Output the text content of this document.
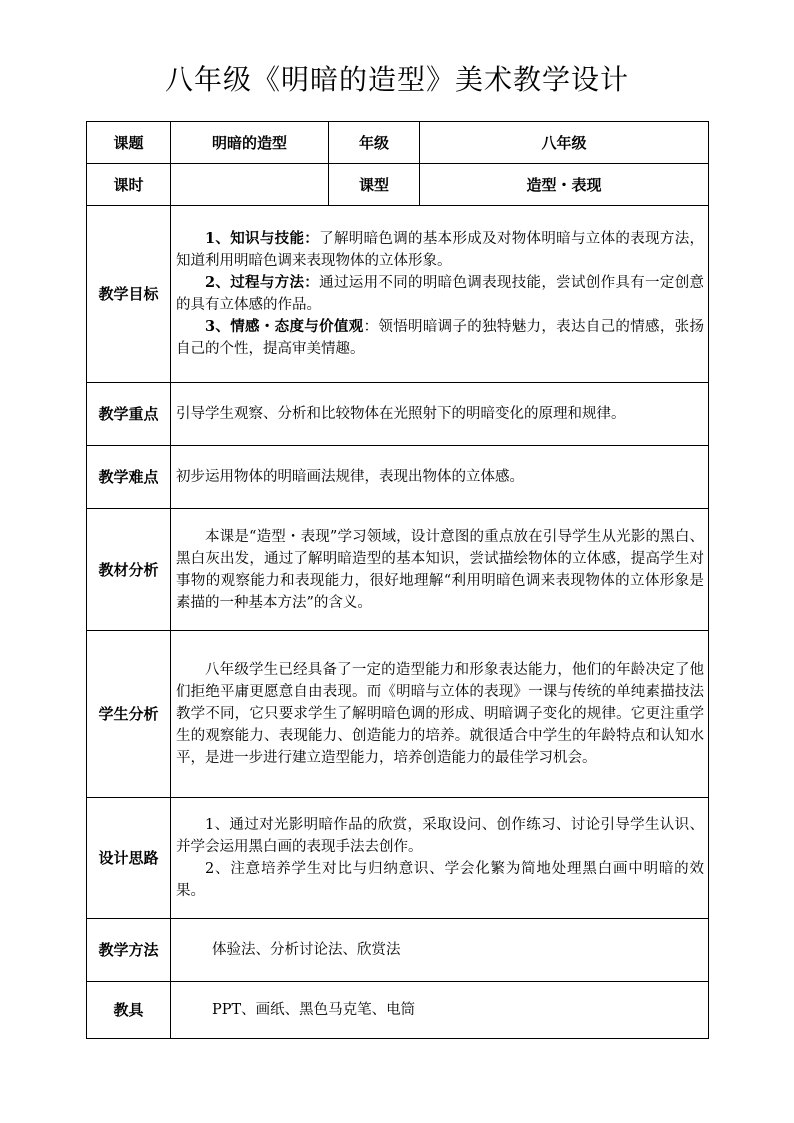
八年级《明暗的造型》美术教学设计
课题	明暗的造型	年级	八年级
课时		课型	造型・表现
教学目标	1、知识与技能：了解明暗色调的基本形成及对物体明暗与立体的表现方法，知道利用明暗色调来表现物体的立体形象。
2、过程与方法：通过运用不同的明暗色调表现技能，尝试创作具有一定创意的具有立体感的作品。
3、情感・态度与价值观：领悟明暗调子的独特魅力，表达自己的情感，张扬自己的个性，提高审美情趣。		

教学重点	引导学生观察、分析和比较物体在光照射下的明暗变化的原理和规律。		
教学难点	初步运用物体的明暗画法规律，表现出物体的立体感。		
教材分析	本课是“造型・表现”学习领域，设计意图的重点放在引导学生从光影的黑白、黑白灰出发，通过了解明暗造型的基本知识，尝试描绘物体的立体感，提高学生对事物的观察能力和表现能力，很好地理解“利用明暗色调来表现物体的立体形象是素描的一种基本方法”的含义。		

学生分析	八年级学生已经具备了一定的造型能力和形象表达能力，他们的年龄决定了他们拒绝平庸更愿意自由表现。而《明暗与立体的表现》一课与传统的单纯素描技法教学不同，它只要求学生了解明暗色调的形成、明暗调子变化的规律。它更注重学生的观察能力、表现能力、创造能力的培养。就很适合中学生的年龄特点和认知水平，是进一步进行建立造型能力，培养创造能力的最佳学习机会。		

设计思路	1、通过对光影明暗作品的欣赏，采取设问、创作练习、讨论引导学生认识、并学会运用黑白画的表现手法去创作。
2、注意培养学生对比与归纳意识、学会化繁为简地处理黑白画中明暗的效果。		

教学方法	体验法、分析讨论法、欣赏法		

教具	PPT、画纸、黑色马克笔、电筒		
